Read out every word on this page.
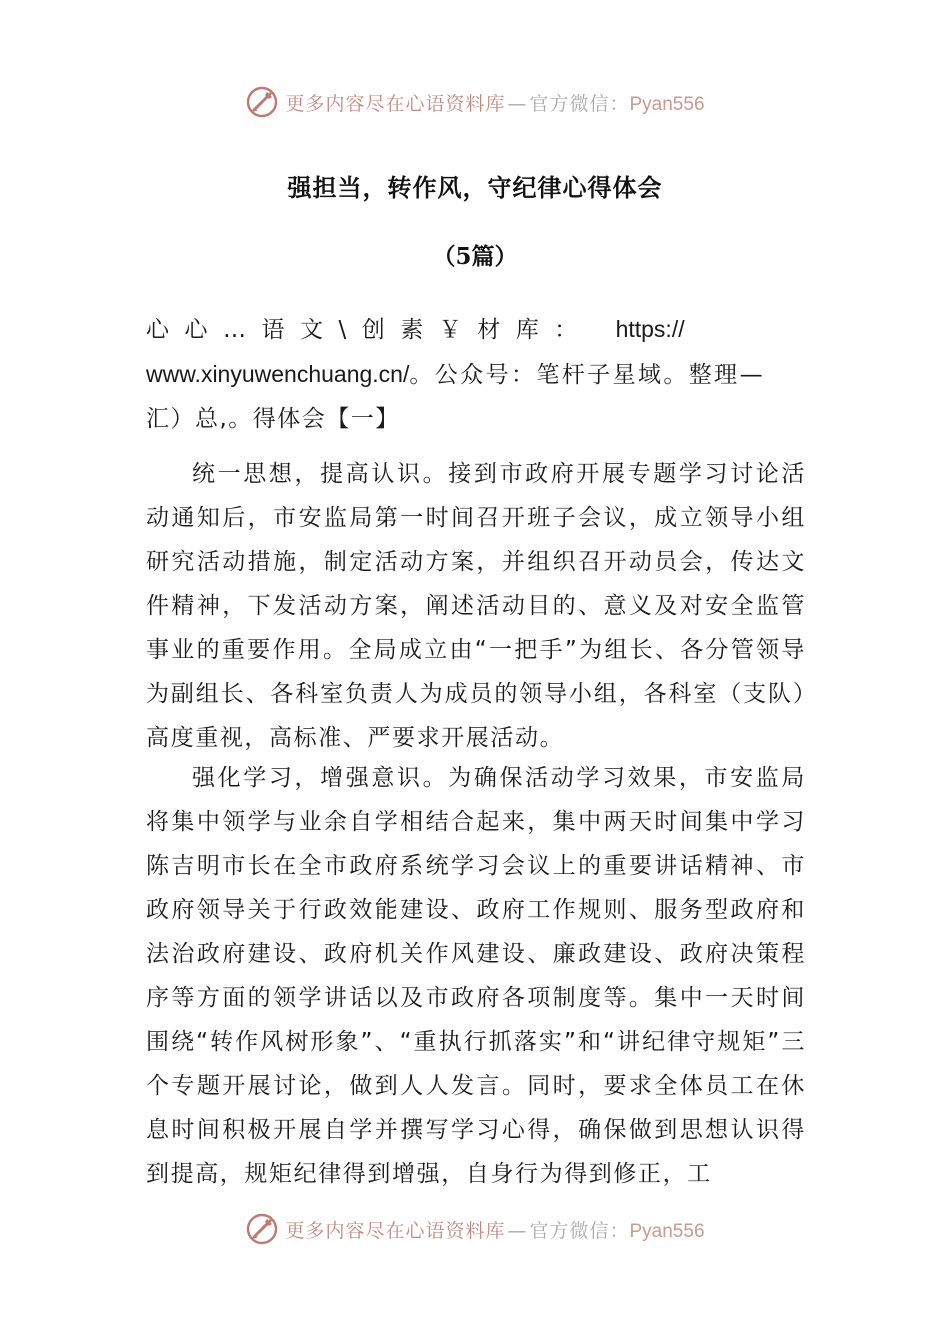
更多内容尽在心语资料库 — 官方微信：Pyan556
强担当，转作风，守纪律心得体会
（5篇）
心心…语文\创素￥材库： https://
www.xinyuwenchuang.cn/。公众号：笔杆子星域。整理—
汇）总,。得体会【一】

统一思想，提高认识。接到市政府开展专题学习讨论活动通知后，市安监局第一时间召开班子会议，成立领导小组研究活动措施，制定活动方案，并组织召开动员会，传达文件精神，下发活动方案，阐述活动目的、意义及对安全监管事业的重要作用。全局成立由“一把手”为组长、各分管领导为副组长、各科室负责人为成员的领导小组，各科室（支队）高度重视，高标准、严要求开展活动。

强化学习，增强意识。为确保活动学习效果，市安监局将集中领学与业余自学相结合起来，集中两天时间集中学习陈吉明市长在全市政府系统学习会议上的重要讲话精神、市政府领导关于行政效能建设、政府工作规则、服务型政府和法治政府建设、政府机关作风建设、廉政建设、政府决策程序等方面的领学讲话以及市政府各项制度等。集中一天时间围绕“转作风树形象”、“重执行抓落实”和“讲纪律守规矩”三个专题开展讨论，做到人人发言。同时，要求全体员工在休息时间积极开展自学并撰写学习心得，确保做到思想认识得到提高，规矩纪律得到增强，自身行为得到修正，工

更多内容尽在心语资料库 — 官方微信：Pyan556
